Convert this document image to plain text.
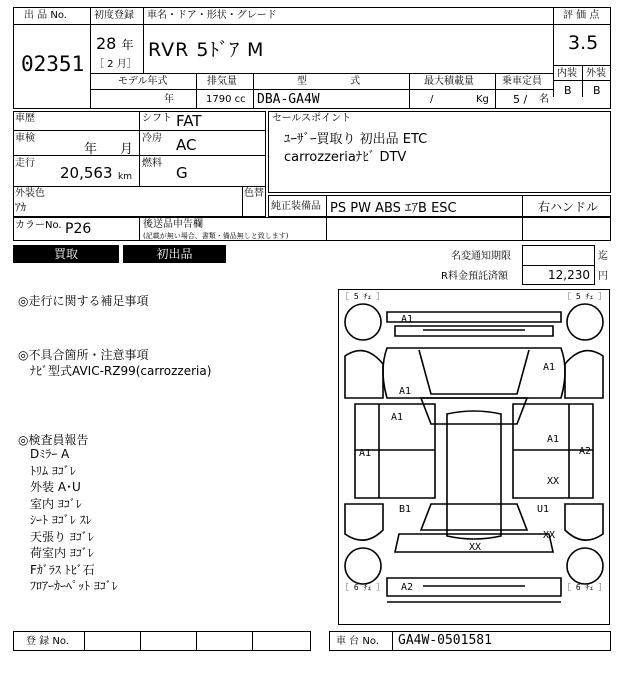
出 品 No.
02351
初度登録 車名・ドア・形状・グレード
28 年
［ 2 月］
RVR 5ﾄﾞｱ M
評 価 点
3.5
内装 外装
B B
モデル年式	排気量	型 式	最大積載量	乗車定員
年	1790 cc DBA-GA4W	/	Kg 5 / 名
車歴	シフト FAT
車検
年 月
冷房 AC
走行
20,563 km
燃料
G
外装色
ｱｶ
色替
セールスポイント
ﾕｰｻﾞｰ買取り 初出品 ETC
carrozzeriaﾅﾋﾞ DTV
純正装備品 PS PW ABS ｴｱB ESC	右ハンドル
カラーNo. P26	後送品申告欄
(記載が無い場合、書類・備品無しと致します)
買取	初出品	名変通知期限	迄
R料金預託済額	12,230 円
◎走行に関する補足事項
◎不具合箇所・注意事項
ﾅﾋﾞ型式AVIC-RZ99(carrozzeria)
◎検査員報告
Dﾐﾗｰ A
ﾄﾘﾑ ﾖｺﾞﾚ
外装 A･U
室内 ﾖｺﾞﾚ
ｼｰﾄ ﾖｺﾞﾚ ｽﾚ
天張り ﾖｺﾞﾚ
荷室内 ﾖｺﾞﾚ
Fｶﾞﾗｽ ﾄﾋﾞ石
ﾌﾛｱｰｶｰﾍﾟｯﾄ ﾖｺﾞﾚ
［ 5 ﾁｪ ］	［ 5 ﾁｪ ］
［ 6 ﾁｪ ］	［ 6 ﾁｪ ］
A1
A1
A1
A1
A1
A1
A2
XX
B1	U1
XX
XX
A2
登 録 No.	車 台 No. GA4W-0501581
